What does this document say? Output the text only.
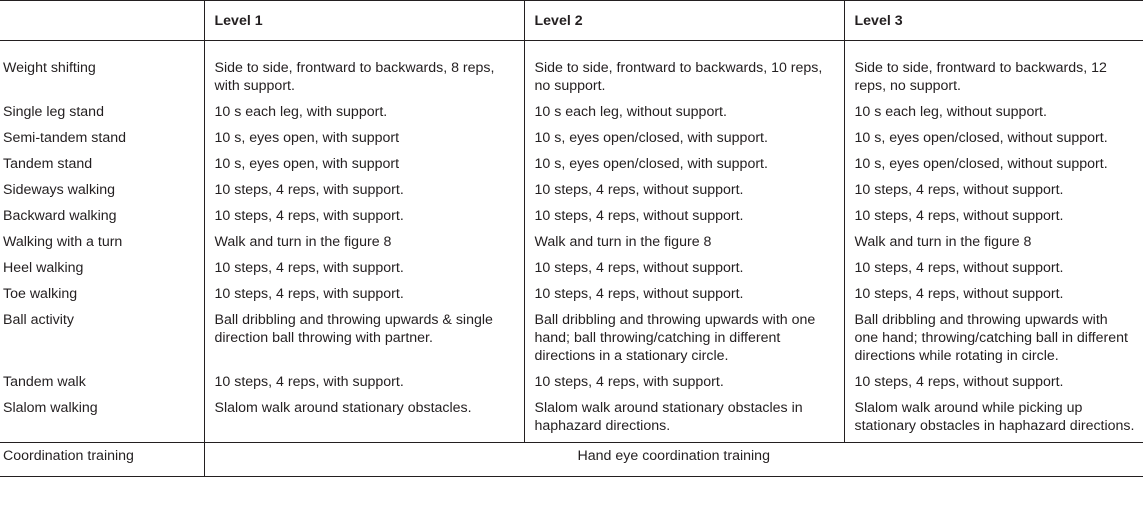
	Level 1	Level 2	Level 3
Weight shifting	Side to side, frontward to backwards, 8 reps, with support.	Side to side, frontward to backwards, 10 reps, no support.	Side to side, frontward to backwards, 12 reps, no support.
Single leg stand	10 s each leg, with support.	10 s each leg, without support.	10 s each leg, without support.
Semi-tandem stand	10 s, eyes open, with support	10 s, eyes open/closed, with support.	10 s, eyes open/closed, without support.
Tandem stand	10 s, eyes open, with support	10 s, eyes open/closed, with support.	10 s, eyes open/closed, without support.
Sideways walking	10 steps, 4 reps, with support.	10 steps, 4 reps, without support.	10 steps, 4 reps, without support.
Backward walking	10 steps, 4 reps, with support.	10 steps, 4 reps, without support.	10 steps, 4 reps, without support.
Walking with a turn	Walk and turn in the figure 8	Walk and turn in the figure 8	Walk and turn in the figure 8
Heel walking	10 steps, 4 reps, with support.	10 steps, 4 reps, without support.	10 steps, 4 reps, without support.
Toe walking	10 steps, 4 reps, with support.	10 steps, 4 reps, without support.	10 steps, 4 reps, without support.
Ball activity	Ball dribbling and throwing upwards & single direction ball throwing with partner.	Ball dribbling and throwing upwards with one hand; ball throwing/catching in different directions in a stationary circle.	Ball dribbling and throwing upwards with one hand; throwing/catching ball in different directions while rotating in circle.
Tandem walk	10 steps, 4 reps, with support.	10 steps, 4 reps, with support.	10 steps, 4 reps, without support.
Slalom walking	Slalom walk around stationary obstacles.	Slalom walk around stationary obstacles in haphazard directions.	Slalom walk around while picking up stationary obstacles in haphazard directions.
Coordination training	Hand eye coordination training		
